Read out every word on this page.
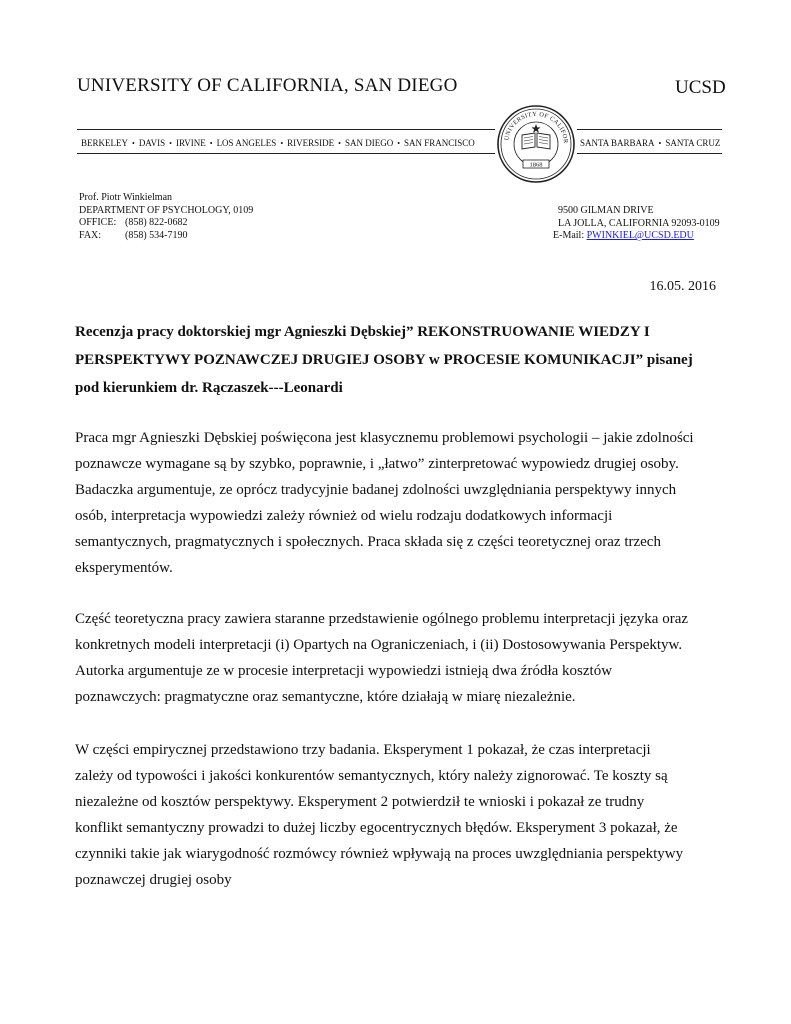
UNIVERSITY OF CALIFORNIA, SAN DIEGO	UCSD
BERKELEY • DAVIS • IRVINE • LOS ANGELES • RIVERSIDE • SAN DIEGO • SAN FRANCISCO	SANTA BARBARA • SANTA CRUZ
UNIVERSITY OF CALIFOR
1868
Prof. Piotr Winkielman
DEPARTMENT OF PSYCHOLOGY, 0109
OFFICE: (858) 822-0682
FAX: (858) 534-7190
9500 GILMAN DRIVE
LA JOLLA, CALIFORNIA 92093-0109
E-Mail: PWINKIEL@UCSD.EDU
16.05. 2016
Recenzja pracy doktorskiej mgr Agnieszki Dębskiej” REKONSTRUOWANIE WIEDZY I
PERSPEKTYWY POZNAWCZEJ DRUGIEJ OSOBY w PROCESIE KOMUNIKACJI” pisanej
pod kierunkiem dr. Rączaszek---Leonardi
Praca mgr Agnieszki Dębskiej poświęcona jest klasycznemu problemowi psychologii – jakie zdolności
poznawcze wymagane są by szybko, poprawnie, i „łatwo” zinterpretować wypowiedz drugiej osoby.
Badaczka argumentuje, ze oprócz tradycyjnie badanej zdolności uwzględniania perspektywy innych
osób, interpretacja wypowiedzi zależy również od wielu rodzaju dodatkowych informacji
semantycznych, pragmatycznych i społecznych. Praca składa się z części teoretycznej oraz trzech
eksperymentów.
Część teoretyczna pracy zawiera staranne przedstawienie ogólnego problemu interpretacji języka oraz
konkretnych modeli interpretacji (i) Opartych na Ograniczeniach, i (ii) Dostosowywania Perspektyw.
Autorka argumentuje ze w procesie interpretacji wypowiedzi istnieją dwa źródła kosztów
poznawczych: pragmatyczne oraz semantyczne, które działają w miarę niezależnie.
W części empirycznej przedstawiono trzy badania. Eksperyment 1 pokazał, że czas interpretacji
zależy od typowości i jakości konkurentów semantycznych, który należy zignorować. Te koszty są
niezależne od kosztów perspektywy. Eksperyment 2 potwierdził te wnioski i pokazał ze trudny
konflikt semantyczny prowadzi to dużej liczby egocentrycznych błędów. Eksperyment 3 pokazał, że
czynniki takie jak wiarygodność rozmówcy również wpływają na proces uwzględniania perspektywy
poznawczej drugiej osoby
